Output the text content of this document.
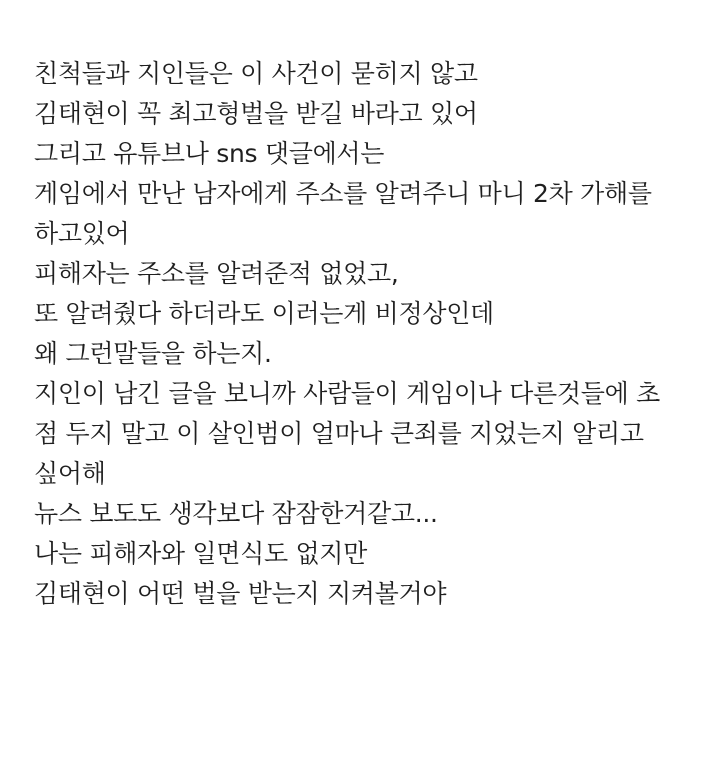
친척들과 지인들은 이 사건이 묻히지 않고
김태현이 꼭 최고형벌을 받길 바라고 있어
그리고 유튜브나 sns 댓글에서는
게임에서 만난 남자에게 주소를 알려주니 마니 2차 가해를
하고있어
피해자는 주소를 알려준적 없었고,
또 알려줬다 하더라도 이러는게 비정상인데
왜 그런말들을 하는지.
지인이 남긴 글을 보니까 사람들이 게임이나 다른것들에 초
점 두지 말고 이 살인범이 얼마나 큰죄를 지었는지 알리고
싶어해
뉴스 보도도 생각보다 잠잠한거같고...
나는 피해자와 일면식도 없지만
김태현이 어떤 벌을 받는지 지켜볼거야
